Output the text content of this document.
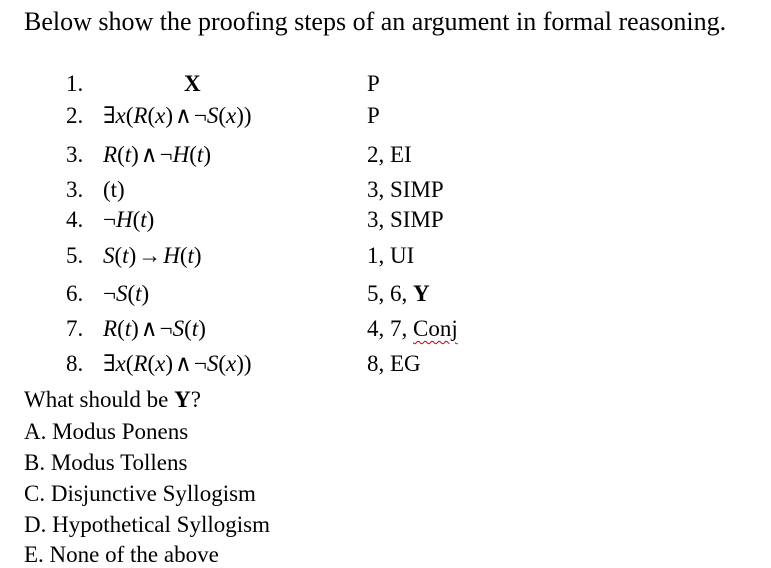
Below show the proofing steps of an argument in formal reasoning.
1.	X	P
2. ∃x(R(x)∧¬S(x))	P
3. R(t)∧¬H(t)	2, EI
3. (t)	3, SIMP
4. ¬H(t)	3, SIMP
5. S(t)→H(t)	1, UI
6. ¬S(t)	5, 6, Y
7. R(t)∧¬S(t)	4, 7, Conj
8. ∃x(R(x)∧¬S(x))	8, EG
What should be Y?
A. Modus Ponens
B. Modus Tollens
C. Disjunctive Syllogism
D. Hypothetical Syllogism
E. None of the above
